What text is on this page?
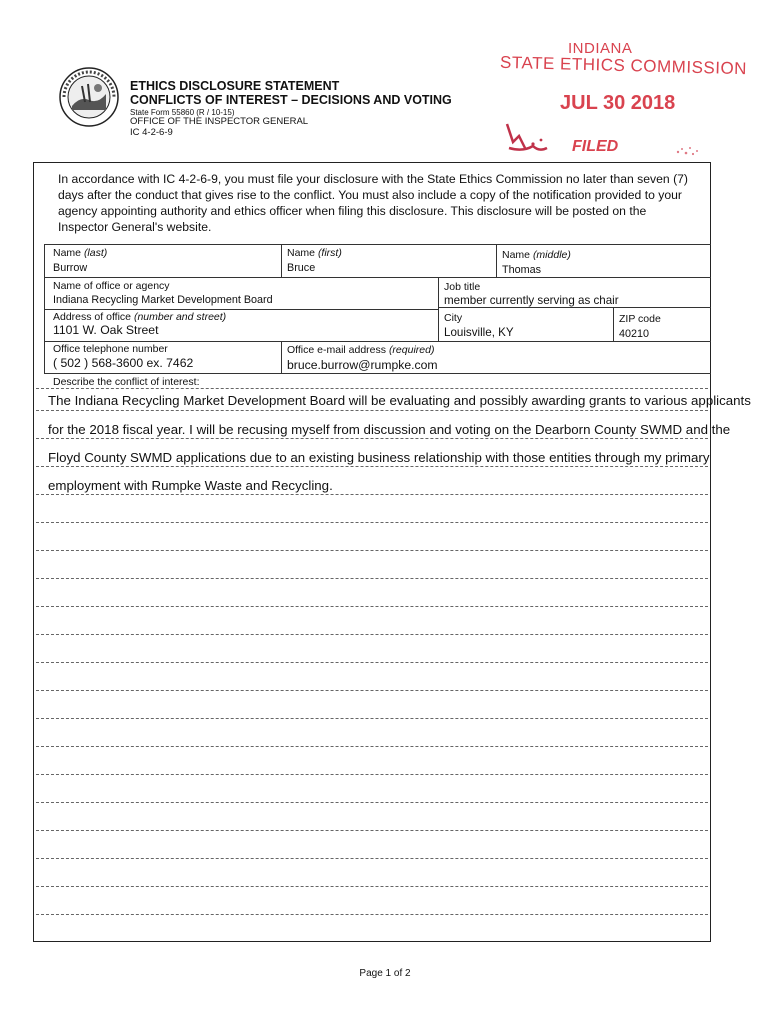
ETHICS DISCLOSURE STATEMENT
CONFLICTS OF INTEREST – DECISIONS AND VOTING
State Form 55860 (R / 10-15)
OFFICE OF THE INSPECTOR GENERAL
IC 4-2-6-9
INDIANA
STATE ETHICS COMMISSION
JUL 30 2018
FILED
In accordance with IC 4-2-6-9, you must file your disclosure with the State Ethics Commission no later than seven (7) days after the conduct that gives rise to the conflict. You must also include a copy of the notification provided to your agency appointing authority and ethics officer when filing this disclosure. This disclosure will be posted on the Inspector General's website.
Name (last)
Burrow
Name (first)
Bruce
Name (middle)
Thomas
Name of office or agency
Indiana Recycling Market Development Board
Job title
member currently serving as chair
Address of office (number and street)
1101 W. Oak Street
City
Louisville, KY
ZIP code
40210
Office telephone number
( 502 ) 568-3600 ex. 7462
Office e-mail address (required)
bruce.burrow@rumpke.com
Describe the conflict of interest:
The Indiana Recycling Market Development Board will be evaluating and possibly awarding grants to various applicants
for the 2018 fiscal year. I will be recusing myself from discussion and voting on the Dearborn County SWMD and the
Floyd County SWMD applications due to an existing business relationship with those entities through my primary
employment with Rumpke Waste and Recycling.
Page 1 of 2
